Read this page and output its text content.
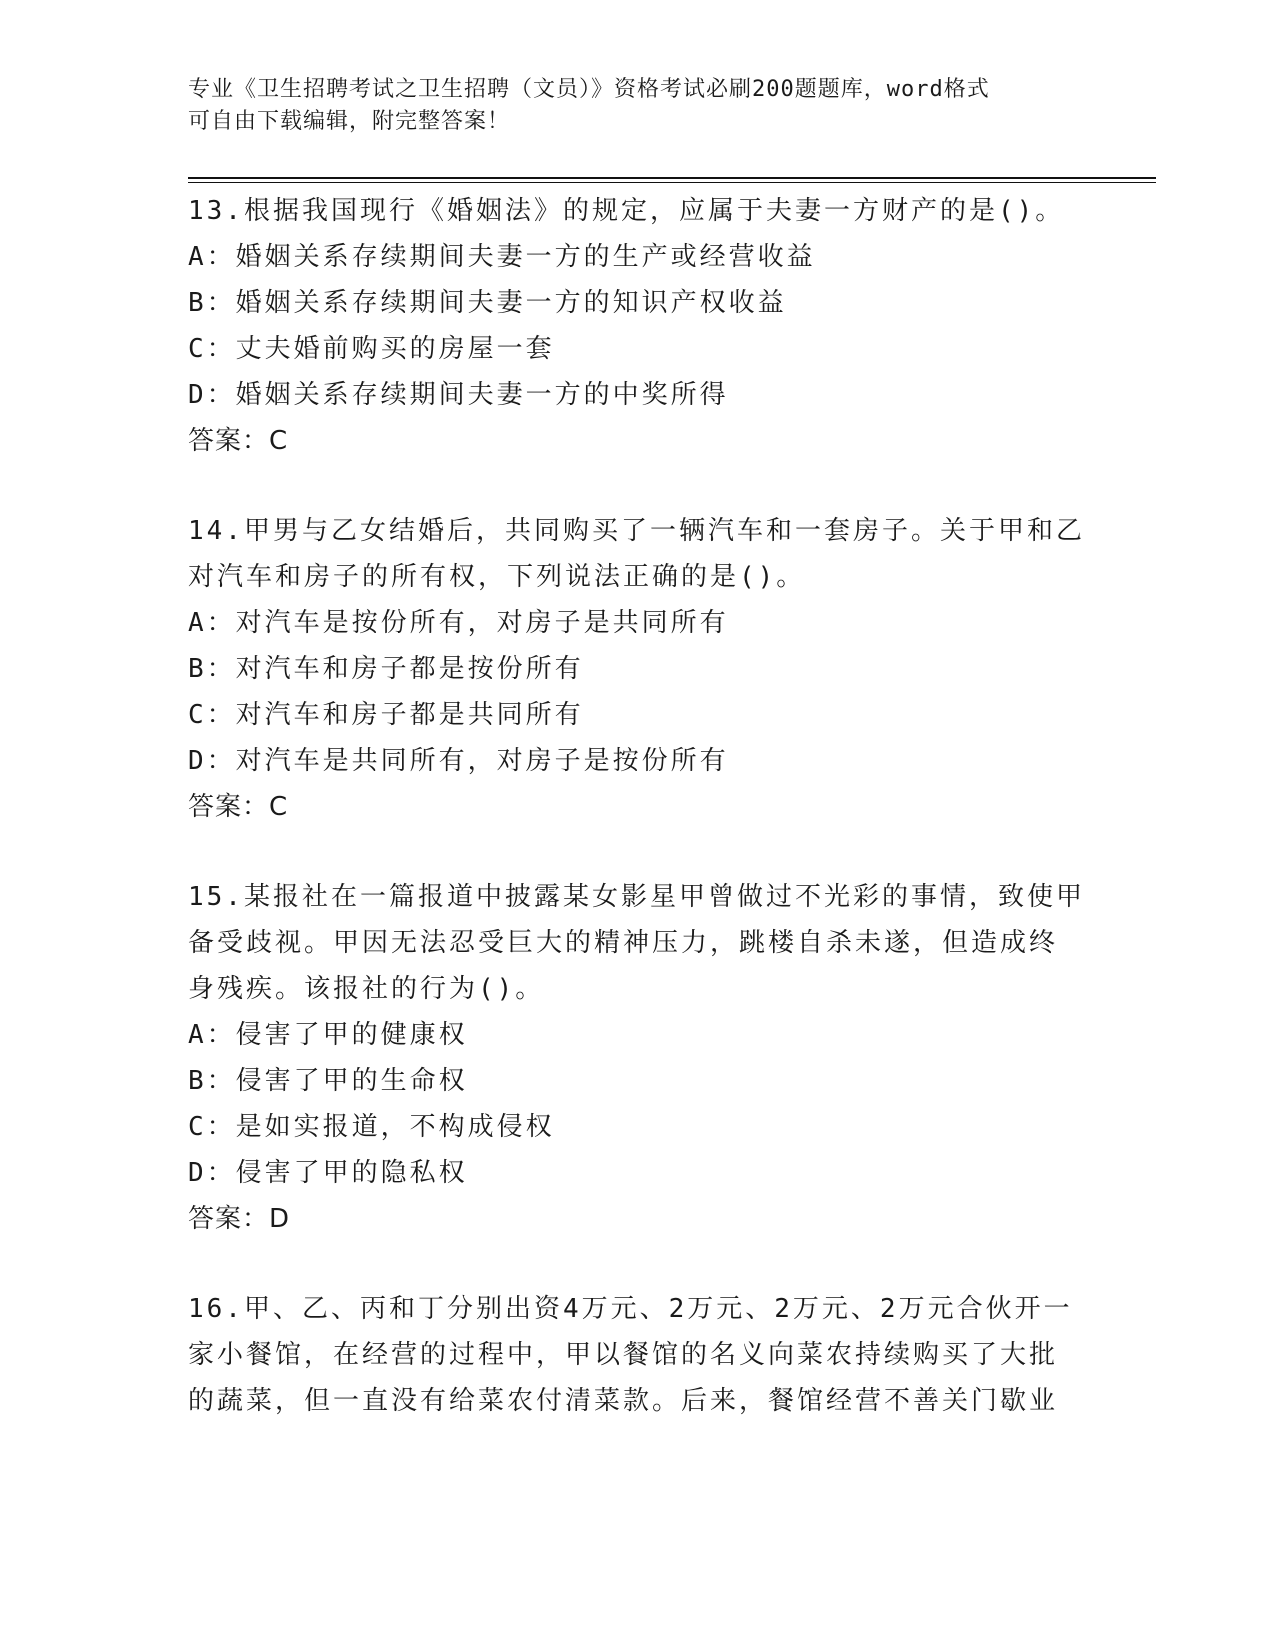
专业《卫生招聘考试之卫生招聘（文员）》资格考试必刷200题题库，word格式
可自由下载编辑，附完整答案！
13.根据我国现行《婚姻法》的规定，应属于夫妻一方财产的是()。
A：婚姻关系存续期间夫妻一方的生产或经营收益
B：婚姻关系存续期间夫妻一方的知识产权收益
C：丈夫婚前购买的房屋一套
D：婚姻关系存续期间夫妻一方的中奖所得
答案：C
14.甲男与乙女结婚后，共同购买了一辆汽车和一套房子。关于甲和乙
对汽车和房子的所有权，下列说法正确的是()。
A：对汽车是按份所有，对房子是共同所有
B：对汽车和房子都是按份所有
C：对汽车和房子都是共同所有
D：对汽车是共同所有，对房子是按份所有
答案：C
15.某报社在一篇报道中披露某女影星甲曾做过不光彩的事情，致使甲
备受歧视。甲因无法忍受巨大的精神压力，跳楼自杀未遂，但造成终
身残疾。该报社的行为()。
A：侵害了甲的健康权
B：侵害了甲的生命权
C：是如实报道，不构成侵权
D：侵害了甲的隐私权
答案：D
16.甲、乙、丙和丁分别出资4万元、2万元、2万元、2万元合伙开一
家小餐馆，在经营的过程中，甲以餐馆的名义向菜农持续购买了大批
的蔬菜，但一直没有给菜农付清菜款。后来，餐馆经营不善关门歇业
